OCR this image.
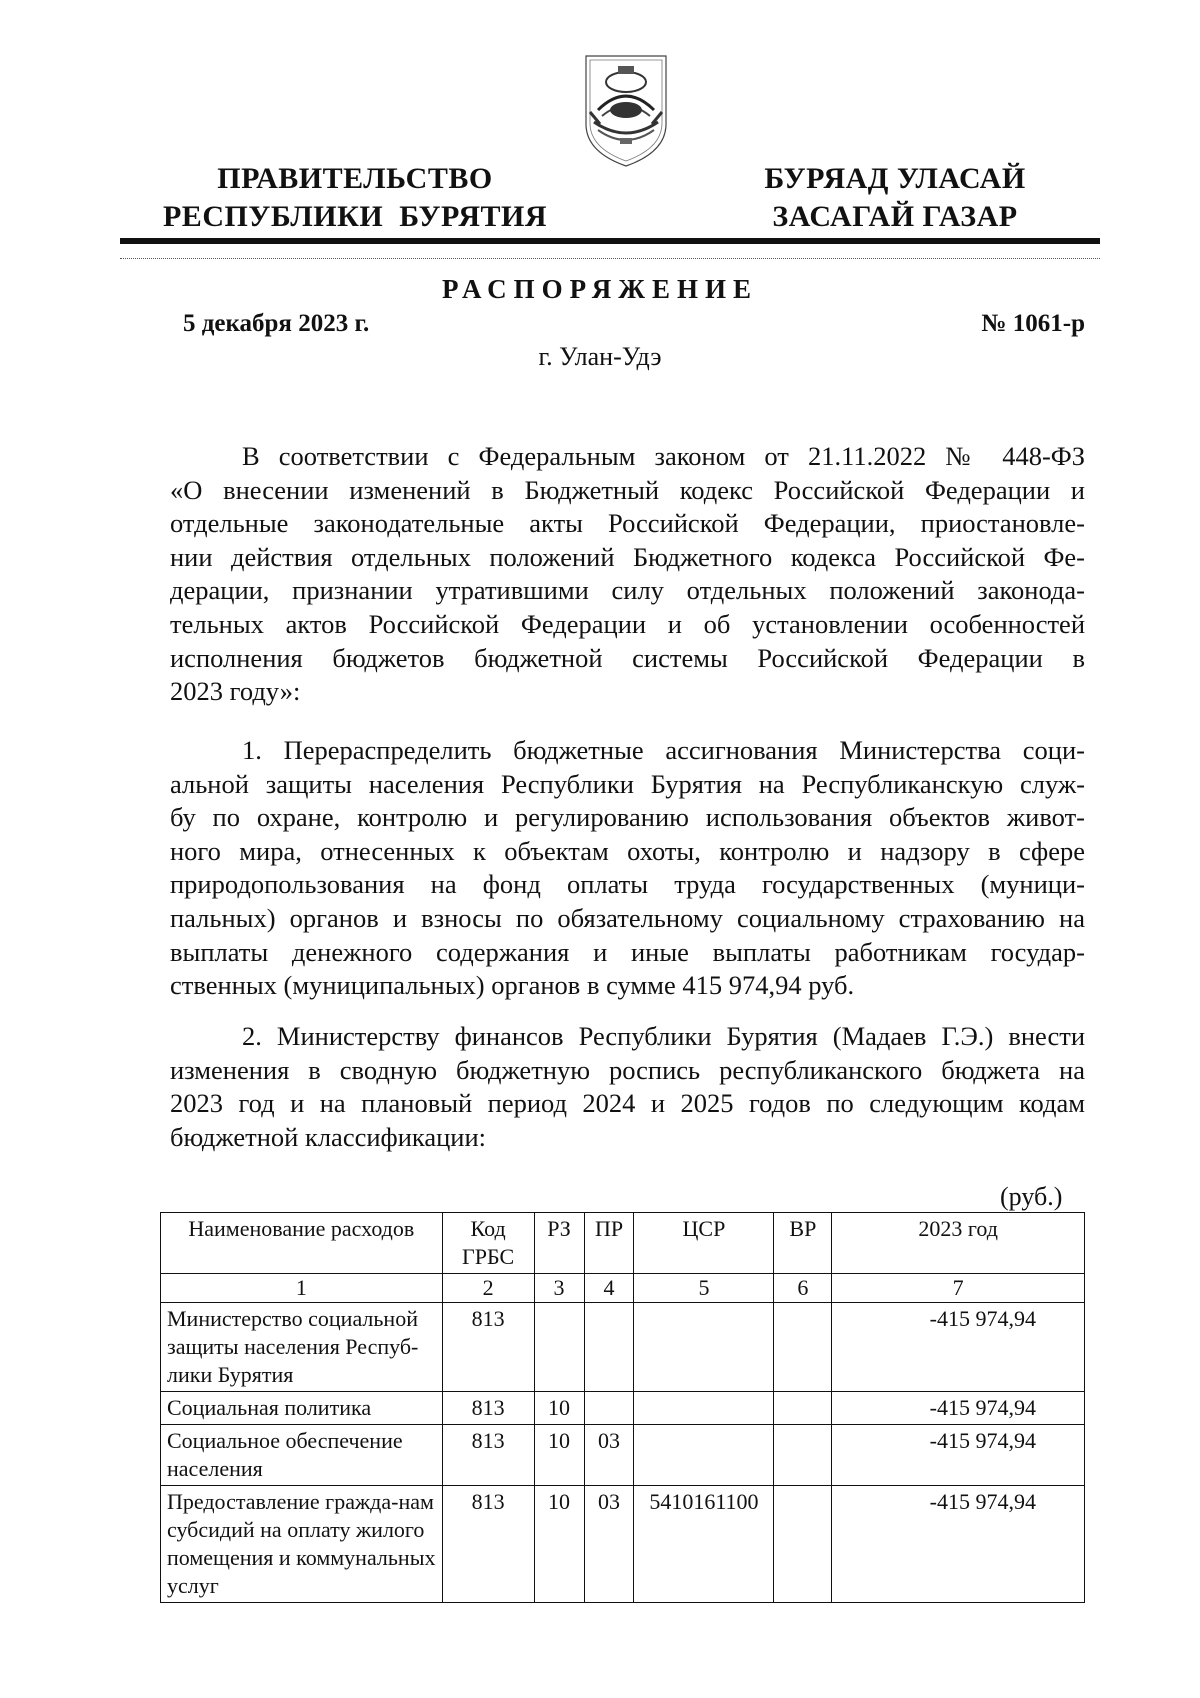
ПРАВИТЕЛЬСТВО
РЕСПУБЛИКИ  БУРЯТИЯ
БУРЯАД УЛАСАЙ
ЗАСАГАЙ ГАЗАР
РАСПОРЯЖЕНИЕ
5 декабря 2023 г.	№ 1061-р
г. Улан-Удэ
В соответствии с Федеральным законом от 21.11.2022 № 448-ФЗ
«О внесении изменений в Бюджетный кодекс Российской Федерации и
отдельные законодательные акты Российской Федерации, приостановле-
нии действия отдельных положений Бюджетного кодекса Российской Фе-
дерации, признании утратившими силу отдельных положений законода-
тельных актов Российской Федерации и об установлении особенностей
исполнения бюджетов бюджетной системы Российской Федерации в
2023 году»:
1. Перераспределить бюджетные ассигнования Министерства соци-
альной защиты населения Республики Бурятия на Республиканскую служ-
бу по охране, контролю и регулированию использования объектов живот-
ного мира, отнесенных к объектам охоты, контролю и надзору в сфере
природопользования на фонд оплаты труда государственных (муници-
пальных) органов и взносы по обязательному социальному страхованию на
выплаты денежного содержания и иные выплаты работникам государ-
ственных (муниципальных) органов в сумме 415 974,94 руб.
2. Министерству финансов Республики Бурятия (Мадаев Г.Э.) внести
изменения в сводную бюджетную роспись республиканского бюджета на
2023 год и на плановый период 2024 и 2025 годов по следующим кодам
бюджетной классификации:
(руб.)
Наименование расходов	Код ГРБС	РЗ	ПР	ЦСР	ВР	2023 год
1	2	3	4	5	6	7
Министерство социальной защиты населения Респуб-лики Бурятия	813					-415 974,94
Социальная политика	813	10				-415 974,94
Социальное обеспечение населения	813	10	03			-415 974,94
Предоставление гражда-нам субсидий на оплату жилого помещения и коммунальных услуг	813	10	03	5410161100		-415 974,94
